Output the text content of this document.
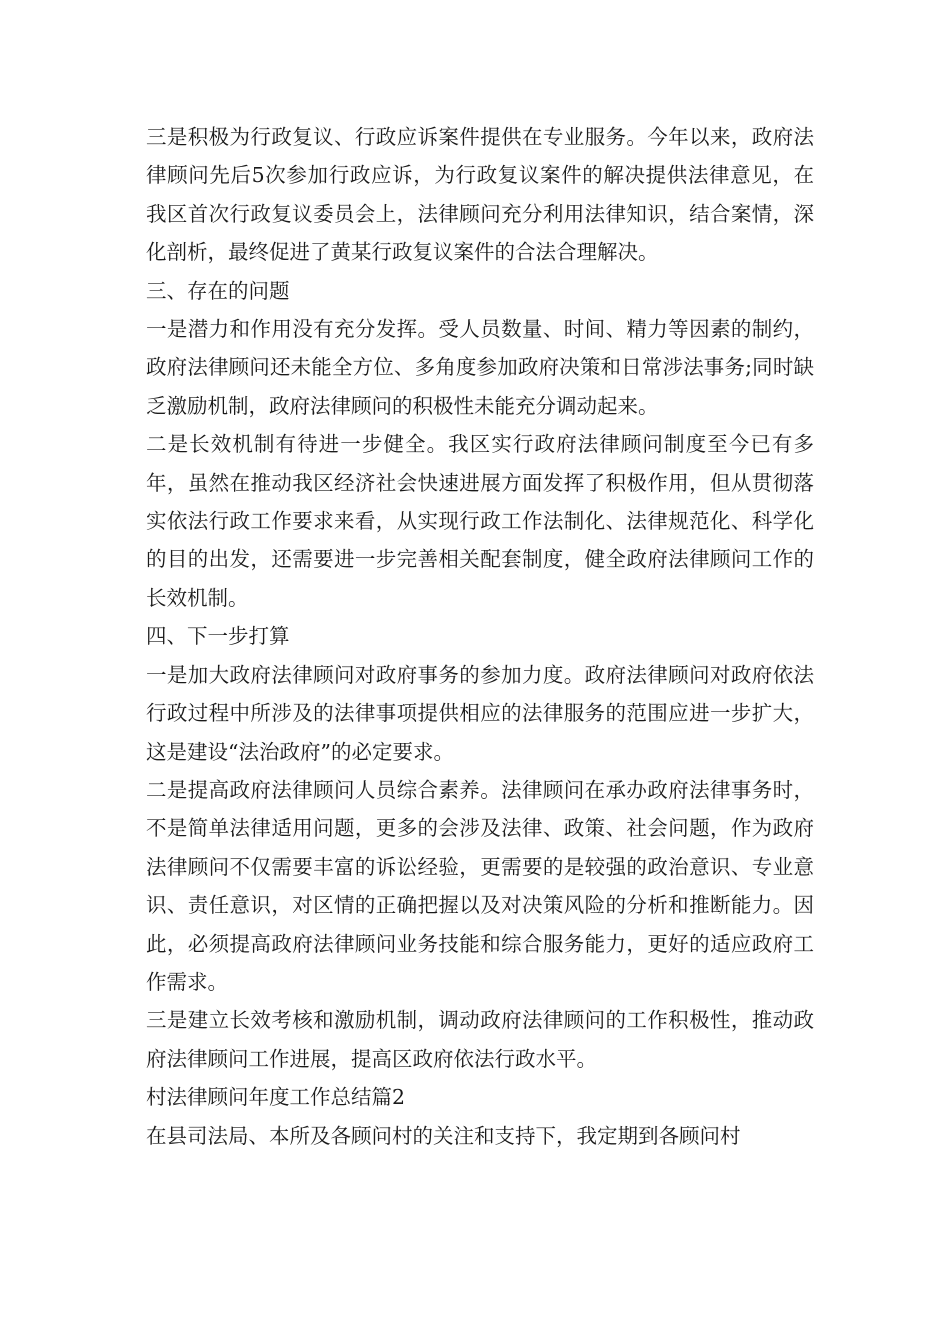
三是积极为行政复议、行政应诉案件提供在专业服务。今年以来，政府法律顾问先后5次参加行政应诉，为行政复议案件的解决提供法律意见，在我区首次行政复议委员会上，法律顾问充分利用法律知识，结合案情，深化剖析，最终促进了黄某行政复议案件的合法合理解决。

三、存在的问题

一是潜力和作用没有充分发挥。受人员数量、时间、精力等因素的制约，政府法律顾问还未能全方位、多角度参加政府决策和日常涉法事务;同时缺乏激励机制，政府法律顾问的积极性未能充分调动起来。

二是长效机制有待进一步健全。我区实行政府法律顾问制度至今已有多年，虽然在推动我区经济社会快速进展方面发挥了积极作用，但从贯彻落实依法行政工作要求来看，从实现行政工作法制化、法律规范化、科学化的目的出发，还需要进一步完善相关配套制度，健全政府法律顾问工作的长效机制。

四、下一步打算

一是加大政府法律顾问对政府事务的参加力度。政府法律顾问对政府依法行政过程中所涉及的法律事项提供相应的法律服务的范围应进一步扩大，这是建设“法治政府”的必定要求。

二是提高政府法律顾问人员综合素养。法律顾问在承办政府法律事务时，不是简单法律适用问题，更多的会涉及法律、政策、社会问题，作为政府法律顾问不仅需要丰富的诉讼经验，更需要的是较强的政治意识、专业意识、责任意识，对区情的正确把握以及对决策风险的分析和推断能力。因此，必须提高政府法律顾问业务技能和综合服务能力，更好的适应政府工作需求。

三是建立长效考核和激励机制，调动政府法律顾问的工作积极性，推动政府法律顾问工作进展，提高区政府依法行政水平。

村法律顾问年度工作总结篇2

在县司法局、本所及各顾问村的关注和支持下，我定期到各顾问村
